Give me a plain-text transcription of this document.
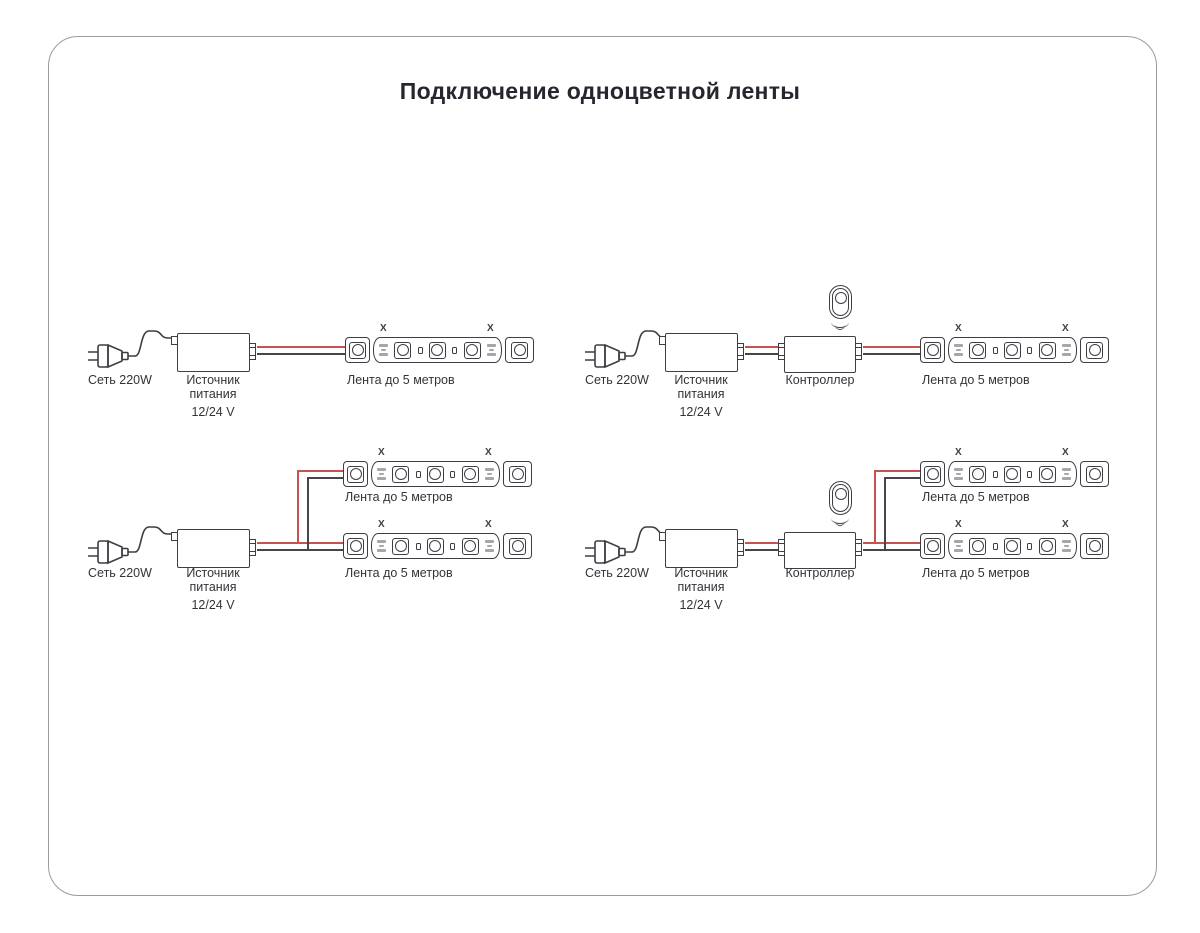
Подключение одноцветной ленты
X	X
Сеть 220W	Источник
питания
12/24 V
Лента до 5 метров
X	X
Сеть 220W	Источник
питания
12/24 V
Контроллер	Лента до 5 метров
X	X
X	X
Лента до 5 метров
Сеть 220W	Источник
питания
12/24 V
Лента до 5 метров
X	X
X	X
Лента до 5 метров
Сеть 220W	Источник
питания
12/24 V
Контроллер	Лента до 5 метров
